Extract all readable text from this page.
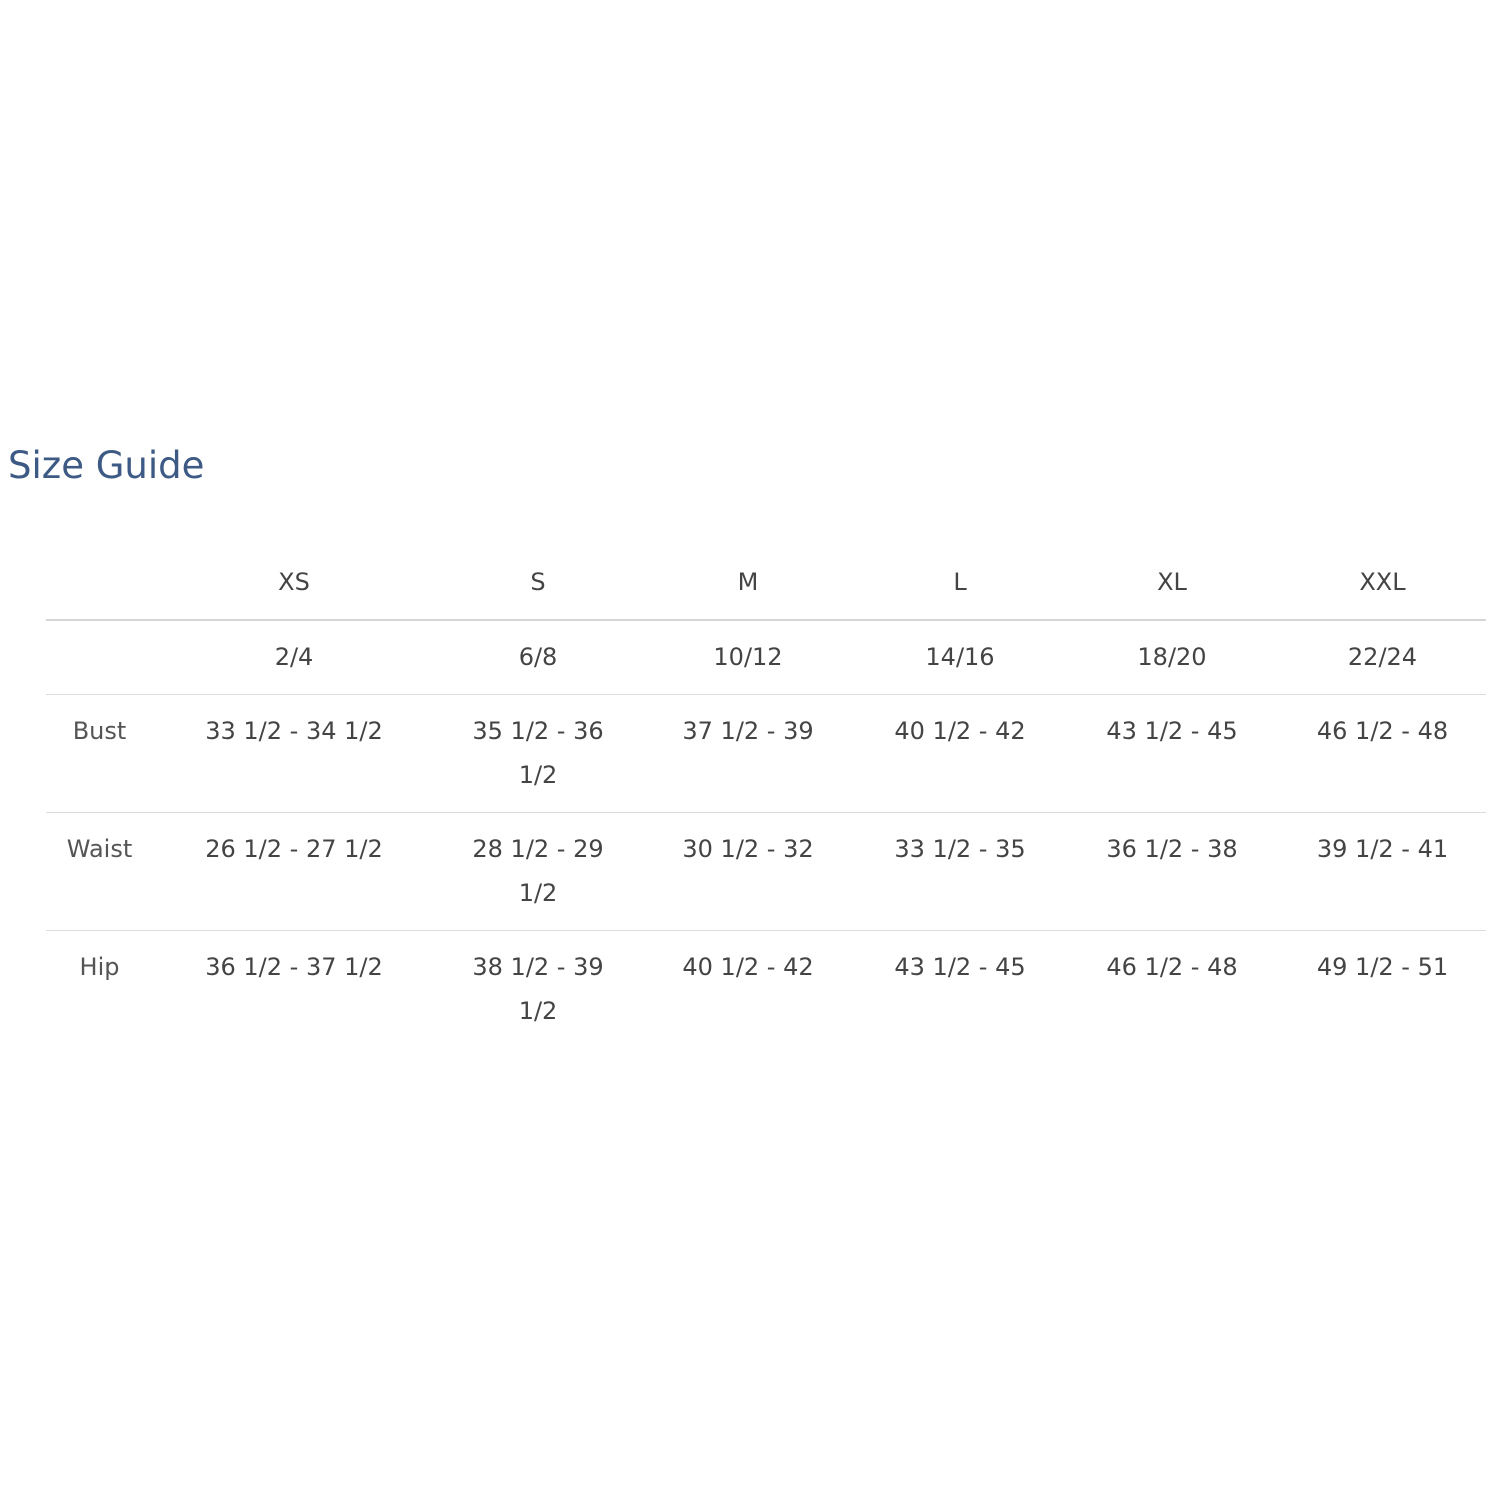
Size Guide
	XS	S	M	L	XL	XXL
	2/4	6/8	10/12	14/16	18/20	22/24
Bust	33 1/2 - 34 1/2	35 1/2 - 36 1/2	37 1/2 - 39	40 1/2 - 42	43 1/2 - 45	46 1/2 - 48
Waist	26 1/2 - 27 1/2	28 1/2 - 29 1/2	30 1/2 - 32	33 1/2 - 35	36 1/2 - 38	39 1/2 - 41
Hip	36 1/2 - 37 1/2	38 1/2 - 39 1/2	40 1/2 - 42	43 1/2 - 45	46 1/2 - 48	49 1/2 - 51
